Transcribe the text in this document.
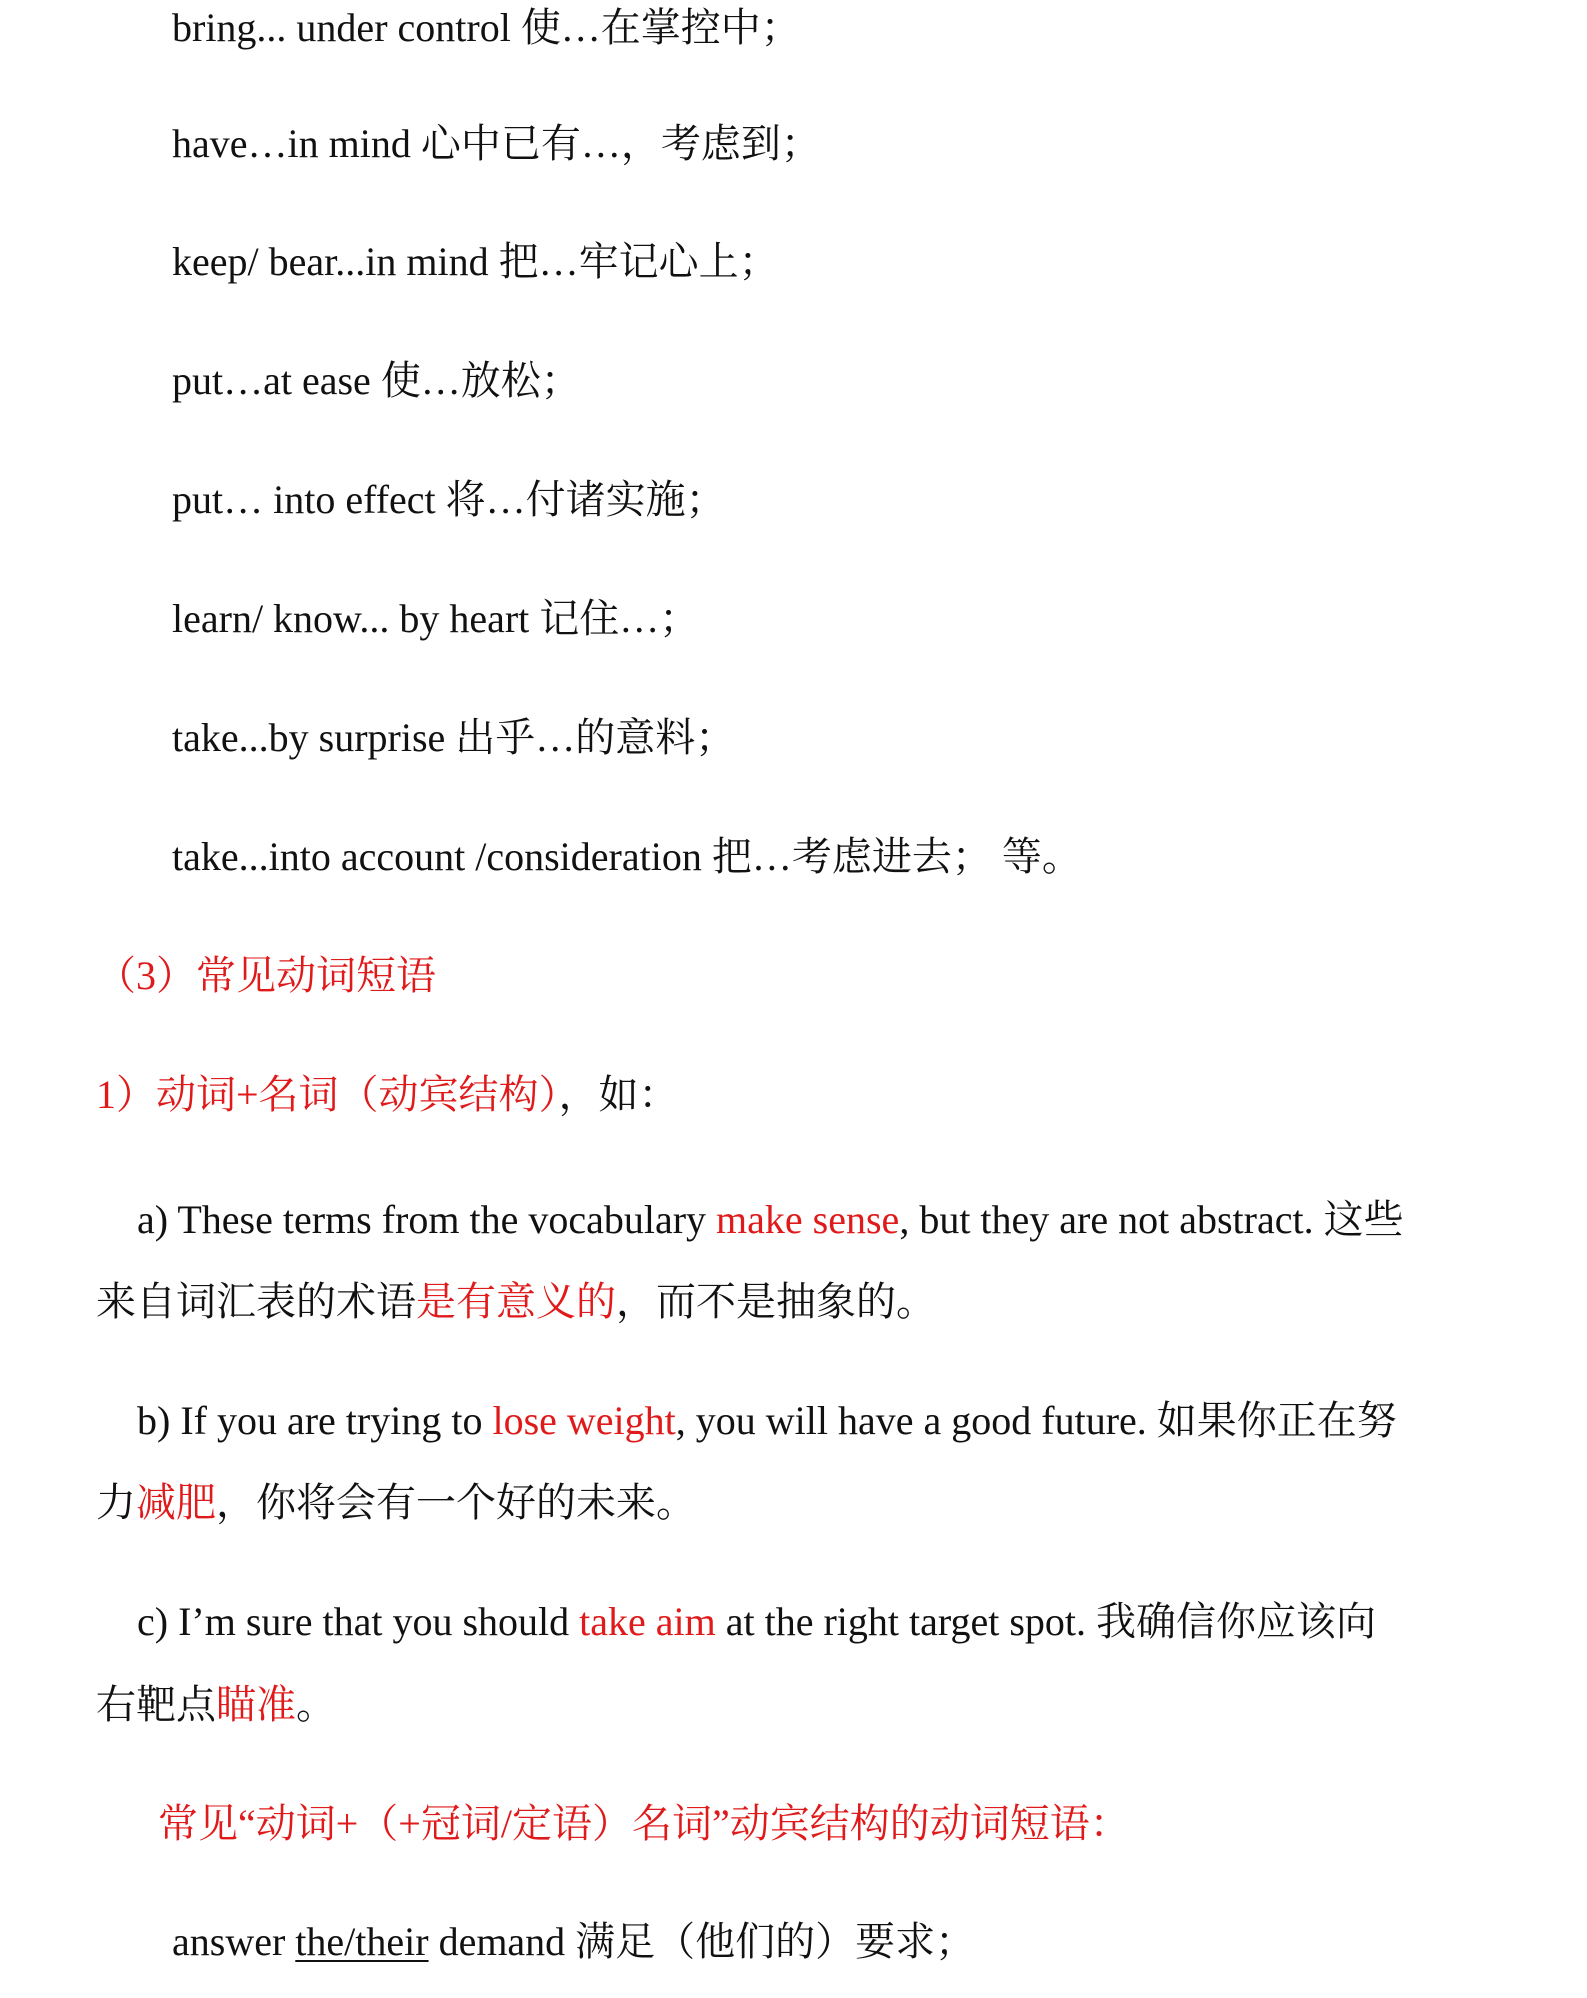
bring... under control 使…在掌控中；
have…in mind 心中已有…，考虑到；
keep/ bear...in mind 把…牢记心上；
put…at ease 使…放松；
put… into effect 将…付诸实施；
learn/ know... by heart 记住…；
take...by surprise 出乎…的意料；
take...into account /consideration 把…考虑进去； 等。
（3）常见动词短语
1）动词+名词（动宾结构），如：
a) These terms from the vocabulary make sense, but they are not abstract. 这些
来自词汇表的术语是有意义的，而不是抽象的。
b) If you are trying to lose weight, you will have a good future. 如果你正在努
力减肥，你将会有一个好的未来。
c) I’m sure that you should take aim at the right target spot. 我确信你应该向
右靶点瞄准。
常见“动词+（+冠词/定语）名词”动宾结构的动词短语：
answer the/their demand 满足（他们的）要求；
